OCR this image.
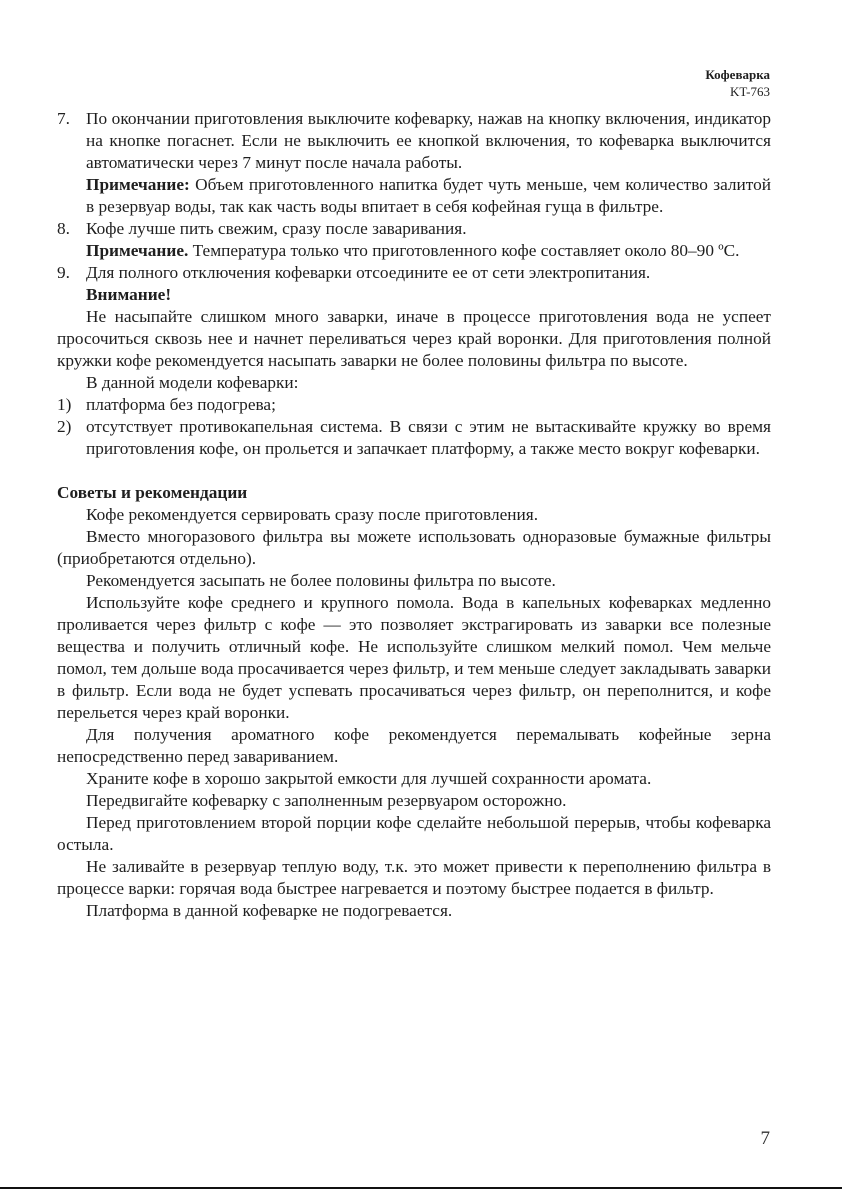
Кофеварка
KT-763
7. По окончании приготовления выключите кофеварку, нажав на кнопку включения, индикатор на кнопке погаснет. Если не выключить ее кнопкой включения, то кофеварка выключится автоматически через 7 минут после начала работы.

Примечание: Объем приготовленного напитка будет чуть меньше, чем количество залитой в резервуар воды, так как часть воды впитает в себя кофейная гуща в фильтре.

8. Кофе лучше пить свежим, сразу после заваривания.

Примечание. Температура только что приготовленного кофе составляет около 80–90 ºС.

9. Для полного отключения кофеварки отсоедините ее от сети электропитания.

Внимание!

Не насыпайте слишком много заварки, иначе в процессе приготовления вода не успеет просочиться сквозь нее и начнет переливаться через край воронки. Для приготовления полной кружки кофе рекомендуется насыпать заварки не более половины фильтра по высоте.

В данной модели кофеварки:

1) платформа без подогрева;

2) отсутствует противокапельная система. В связи с этим не вытаскивайте кружку во время приготовления кофе, он прольется и запачкает платформу, а также место вокруг кофеварки.

Советы и рекомендации

Кофе рекомендуется сервировать сразу после приготовления.

Вместо многоразового фильтра вы можете использовать одноразовые бумажные фильтры (приобретаются отдельно).

Рекомендуется засыпать не более половины фильтра по высоте.

Используйте кофе среднего и крупного помола. Вода в капельных кофеварках медленно проливается через фильтр с кофе — это позволяет экстрагировать из заварки все полезные вещества и получить отличный кофе. Не используйте слишком мелкий помол. Чем мельче помол, тем дольше вода просачивается через фильтр, и тем меньше следует закладывать заварки в фильтр. Если вода не будет успевать просачиваться через фильтр, он переполнится, и кофе перельется через край воронки.

Для получения ароматного кофе рекомендуется перемалывать кофейные зерна непосредственно перед завариванием.

Храните кофе в хорошо закрытой емкости для лучшей сохранности аромата.

Передвигайте кофеварку с заполненным резервуаром осторожно.

Перед приготовлением второй порции кофе сделайте небольшой перерыв, чтобы кофеварка остыла.

Не заливайте в резервуар теплую воду, т.к. это может привести к переполнению фильтра в процессе варки: горячая вода быстрее нагревается и поэтому быстрее подается в фильтр.

Платформа в данной кофеварке не подогревается.

7
